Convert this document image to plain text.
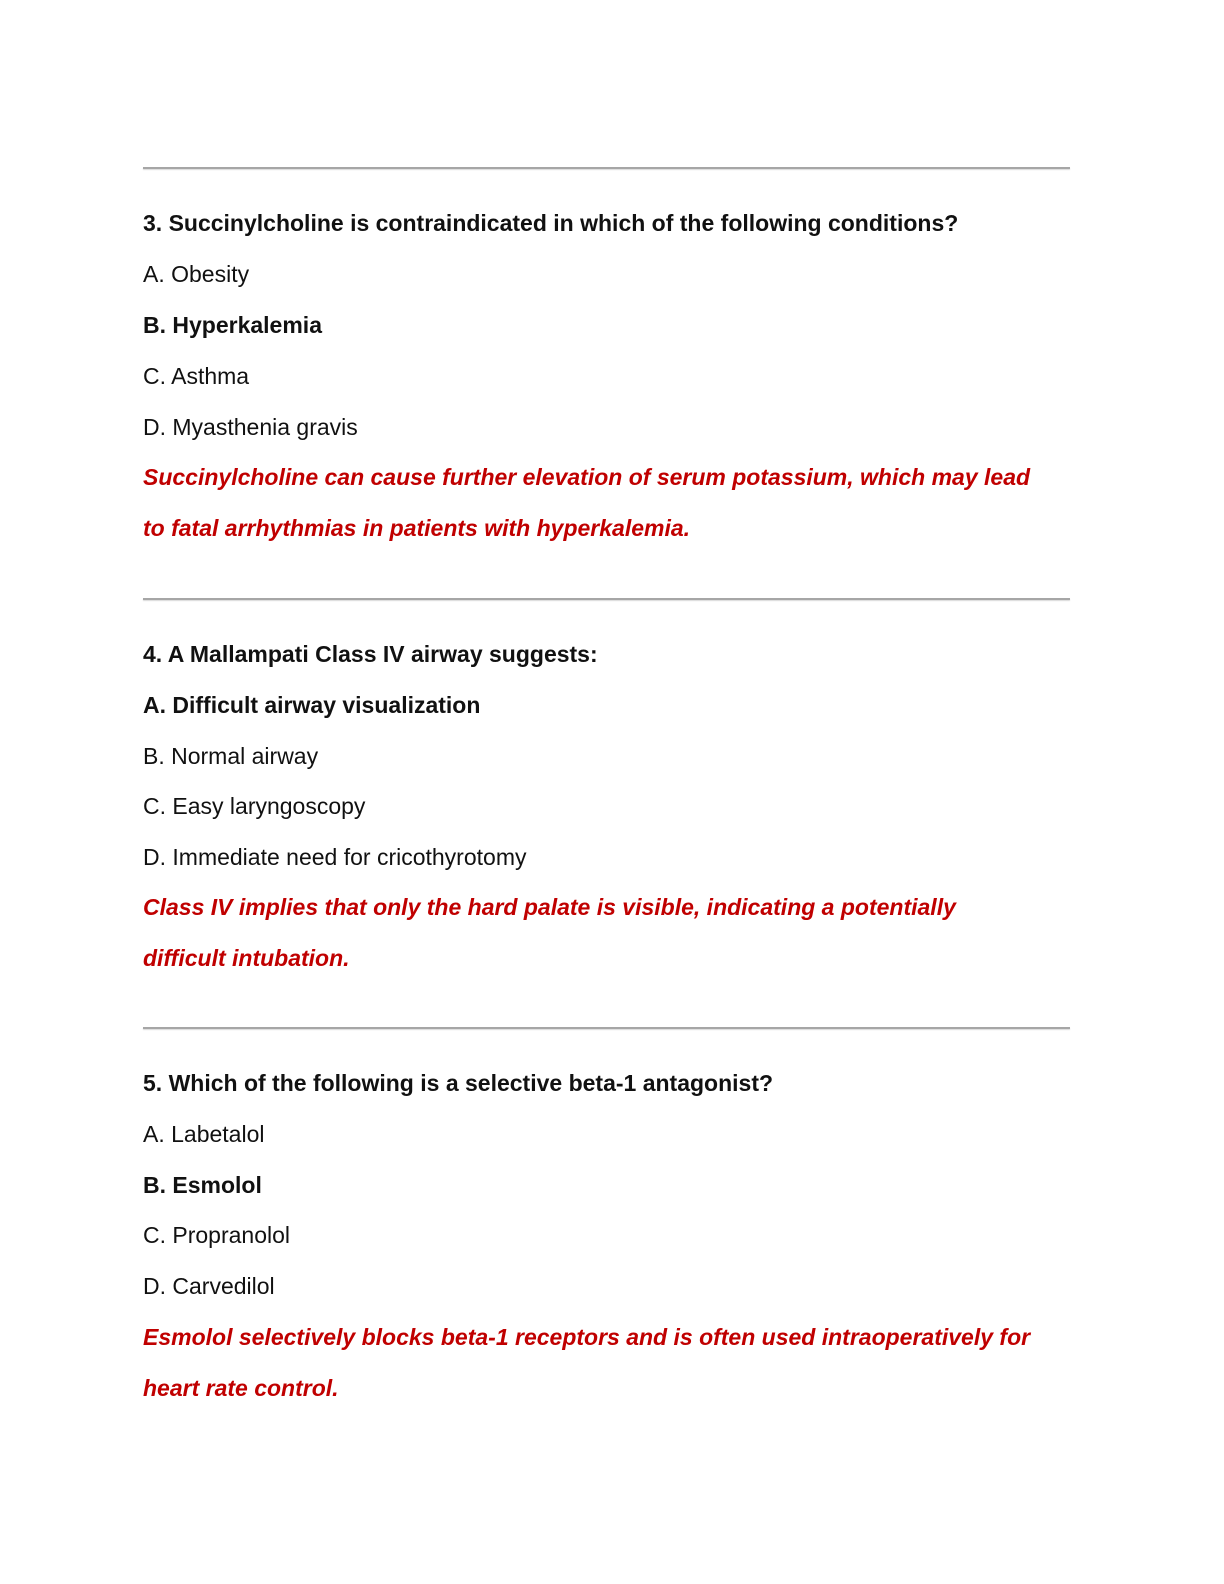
3. Succinylcholine is contraindicated in which of the following conditions?
A. Obesity
B. Hyperkalemia
C. Asthma
D. Myasthenia gravis
Succinylcholine can cause further elevation of serum potassium, which may lead
to fatal arrhythmias in patients with hyperkalemia.
4. A Mallampati Class IV airway suggests:
A. Difficult airway visualization
B. Normal airway
C. Easy laryngoscopy
D. Immediate need for cricothyrotomy
Class IV implies that only the hard palate is visible, indicating a potentially
difficult intubation.
5. Which of the following is a selective beta-1 antagonist?
A. Labetalol
B. Esmolol
C. Propranolol
D. Carvedilol
Esmolol selectively blocks beta-1 receptors and is often used intraoperatively for
heart rate control.
